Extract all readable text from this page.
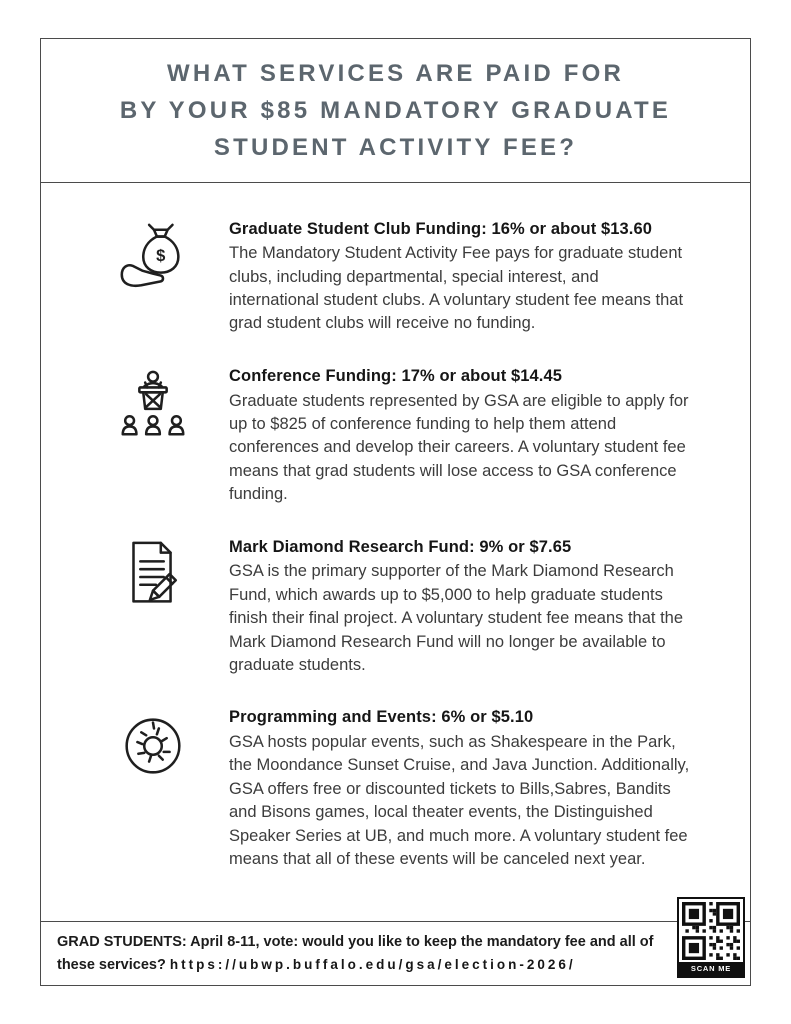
WHAT SERVICES ARE PAID FOR
BY YOUR $85 MANDATORY GRADUATE
STUDENT ACTIVITY FEE?
$
Graduate Student Club Funding: 16% or about $13.60

The Mandatory Student Activity Fee pays for graduate student clubs, including departmental, special interest, and international student clubs. A voluntary student fee means that grad student clubs will receive no funding.

Conference Funding: 17% or about $14.45

Graduate students represented by GSA are eligible to apply for up to $825 of conference funding to help them attend conferences and develop their careers. A voluntary student fee means that grad students will lose access to GSA conference funding.

Mark Diamond Research Fund: 9% or $7.65

GSA is the primary supporter of the Mark Diamond Research Fund, which awards up to $5,000 to help graduate students finish their final project. A voluntary student fee means that the Mark Diamond Research Fund will no longer be available to graduate students.

Programming and Events: 6% or $5.10

GSA hosts popular events, such as Shakespeare in the Park, the Moondance Sunset Cruise, and Java Junction. Additionally, GSA offers free or discounted tickets to Bills,Sabres, Bandits and Bisons games, local theater events, the Distinguished Speaker Series at UB, and much more. A voluntary student fee means that all of these events will be canceled next year.

GRAD STUDENTS: April 8-11, vote: would you like to keep the mandatory fee and all of these services? https://ubwp.buffalo.edu/gsa/election-2026/	SCAN ME
